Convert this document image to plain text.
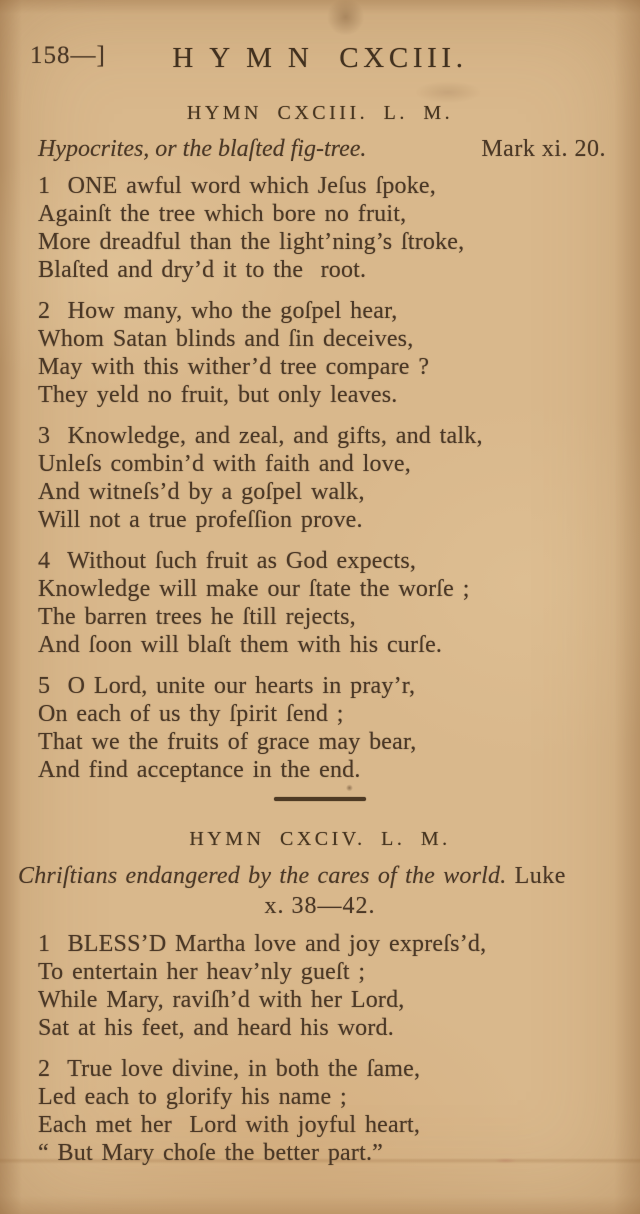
158—]	HYMN CXCIII.
HYMN CXCIII. L. M.
Hypocrites, or the blaſted fig-tree.	Mark xi. 20.
1  ONE awful word which Jeſus ſpoke,
Againſt the tree which bore no fruit,
More dreadful than the light’ning’s ſtroke,
Blaſted and dry’d it to the  root.
2  How many, who the goſpel hear,
Whom Satan blinds and ſin deceives,
May with this wither’d tree compare ?
They yeld no fruit, but only leaves.
3  Knowledge, and zeal, and gifts, and talk,
Unleſs combin’d with faith and love,
And witneſs’d by a goſpel walk,
Will not a true profeſſion prove.
4  Without ſuch fruit as God expects,
Knowledge will make our ſtate the worſe ;
The barren trees he ſtill rejects,
And ſoon will blaſt them with his curſe.
5  O Lord, unite our hearts in pray’r,
On each of us thy ſpirit ſend ;
That we the fruits of grace may bear,
And find acceptance in the end.
HYMN CXCIV. L. M.
Chriſtians endangered by the cares of the world. Luke
x. 38—42.
1  BLESS’D Martha love and joy expreſs’d,
To entertain her heav’nly gueſt ;
While Mary, raviſh’d with her Lord,
Sat at his feet, and heard his word.
2  True love divine, in both the ſame,
Led each to glorify his name ;
Each met her  Lord with joyful heart,
“ But Mary choſe the better part.”
